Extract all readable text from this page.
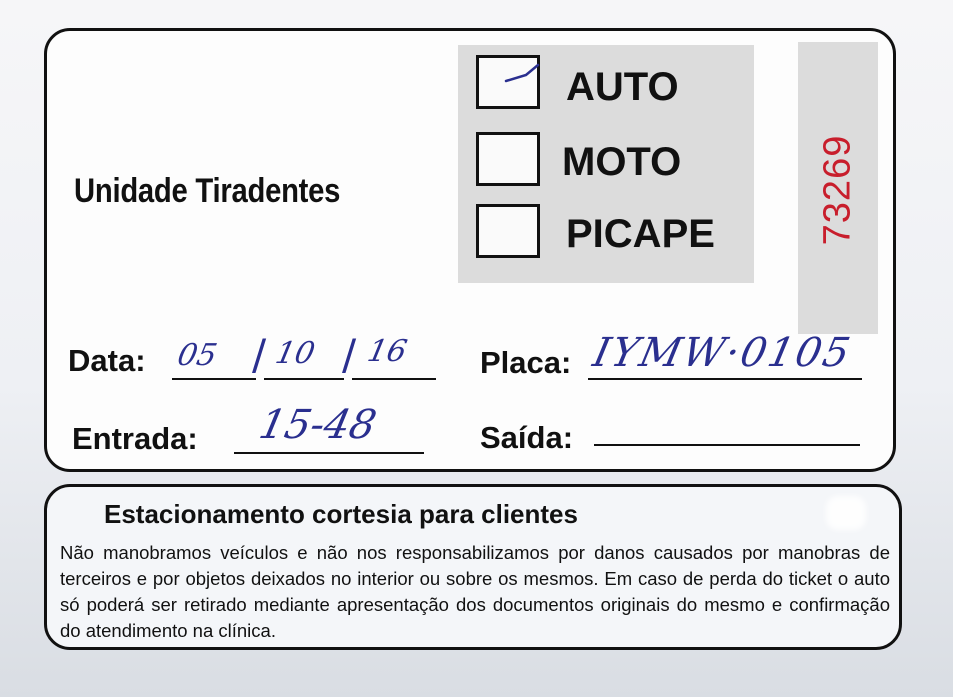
Unidade Tiradentes
AUTO
MOTO
PICAPE	73269
Data: 05 / 10 / 16 Placa: IYMW·0105
Entrada: 15-48	Saída:
Estacionamento cortesia para clientes
Não manobramos veículos e não nos responsabilizamos por danos causados por manobras de terceiros e por objetos deixados no interior ou sobre os mesmos. Em caso de perda do ticket o auto só poderá ser retirado mediante apresentação dos documentos originais do mesmo e confirmação do atendimento na clínica.
